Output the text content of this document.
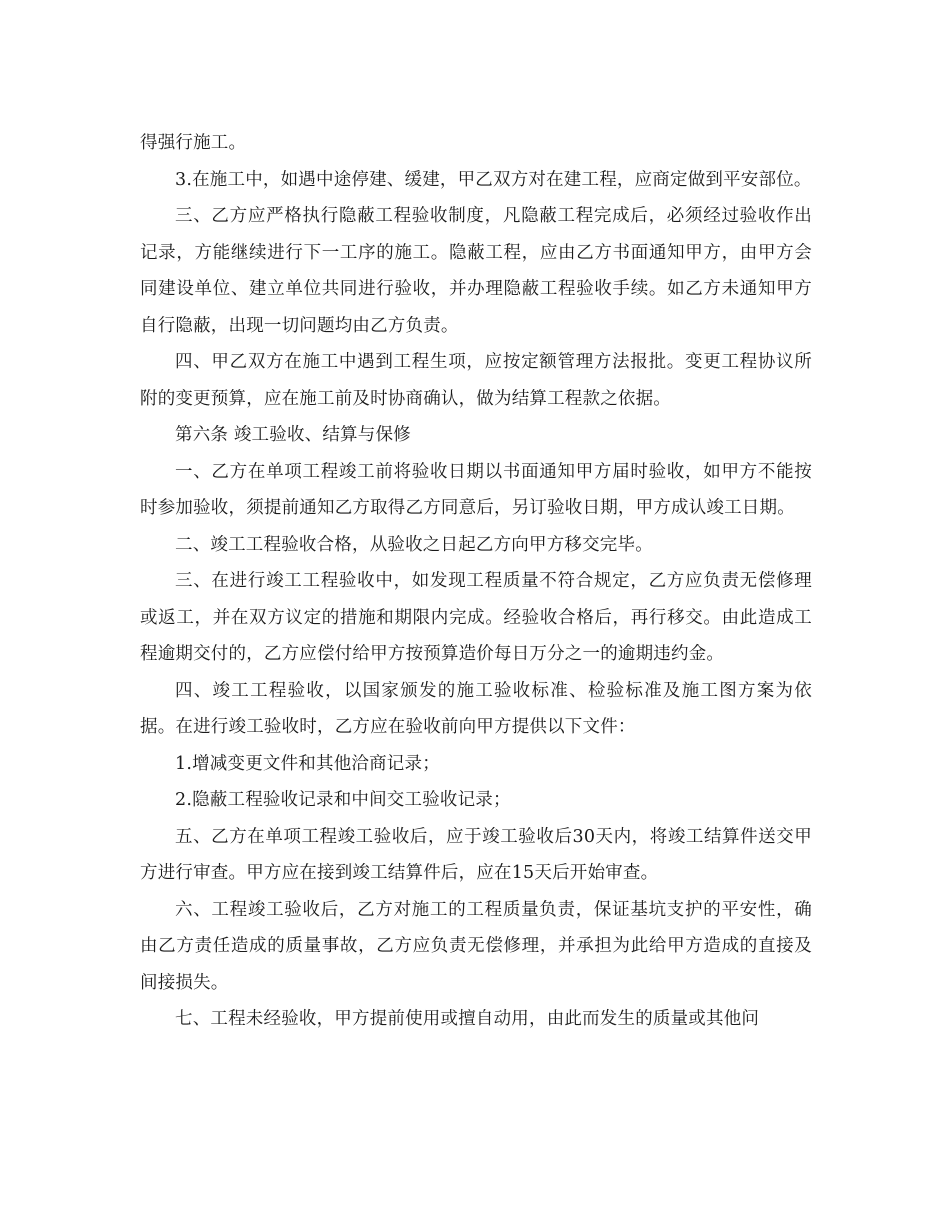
得强行施工。

3.在施工中，如遇中途停建、缓建，甲乙双方对在建工程，应商定做到平安部位。

三、乙方应严格执行隐蔽工程验收制度，凡隐蔽工程完成后，必须经过验收作出记录，方能继续进行下一工序的施工。隐蔽工程，应由乙方书面通知甲方，由甲方会同建设单位、建立单位共同进行验收，并办理隐蔽工程验收手续。如乙方未通知甲方自行隐蔽，出现一切问题均由乙方负责。

四、甲乙双方在施工中遇到工程生项，应按定额管理方法报批。变更工程协议所附的变更预算，应在施工前及时协商确认，做为结算工程款之依据。

第六条 竣工验收、结算与保修

一、乙方在单项工程竣工前将验收日期以书面通知甲方届时验收，如甲方不能按时参加验收，须提前通知乙方取得乙方同意后，另订验收日期，甲方成认竣工日期。

二、竣工工程验收合格，从验收之日起乙方向甲方移交完毕。

三、在进行竣工工程验收中，如发现工程质量不符合规定，乙方应负责无偿修理或返工，并在双方议定的措施和期限内完成。经验收合格后，再行移交。由此造成工程逾期交付的，乙方应偿付给甲方按预算造价每日万分之一的逾期违约金。

四、竣工工程验收，以国家颁发的施工验收标准、检验标准及施工图方案为依据。在进行竣工验收时，乙方应在验收前向甲方提供以下文件：

1.增减变更文件和其他洽商记录；

2.隐蔽工程验收记录和中间交工验收记录；

五、乙方在单项工程竣工验收后，应于竣工验收后30天内，将竣工结算件送交甲方进行审查。甲方应在接到竣工结算件后，应在15天后开始审查。

六、工程竣工验收后，乙方对施工的工程质量负责，保证基坑支护的平安性，确由乙方责任造成的质量事故，乙方应负责无偿修理，并承担为此给甲方造成的直接及间接损失。

七、工程未经验收，甲方提前使用或擅自动用，由此而发生的质量或其他问
